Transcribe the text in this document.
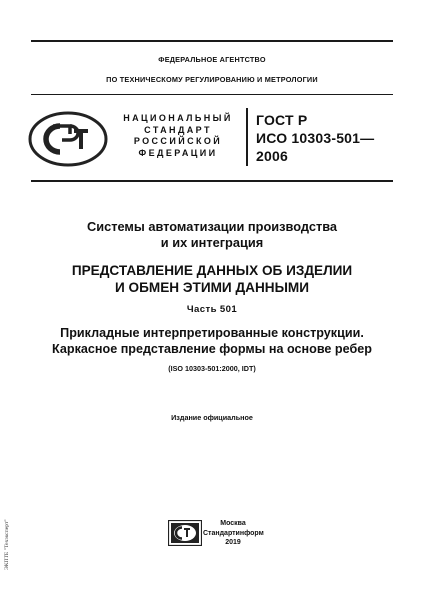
ФЕДЕРАЛЬНОЕ АГЕНТСТВО
ПО ТЕХНИЧЕСКОМУ РЕГУЛИРОВАНИЮ И МЕТРОЛОГИИ
НАЦИОНАЛЬНЫЙ
СТАНДАРТ
РОССИЙСКОЙ
ФЕДЕРАЦИИ
ГОСТ Р
ИСО 10303-501—
2006
Системы автоматизации производства
и их интеграция
ПРЕДСТАВЛЕНИЕ ДАННЫХ ОБ ИЗДЕЛИИ
И ОБМЕН ЭТИМИ ДАННЫМИ
Часть 501
Прикладные интерпретированные конструкции.
Каркасное представление формы на основе ребер
(ISO 10303-501:2000, IDT)
Издание официальное
Москва
Стандартинформ
2019
ЭКПТЕ "Техэксперт"
